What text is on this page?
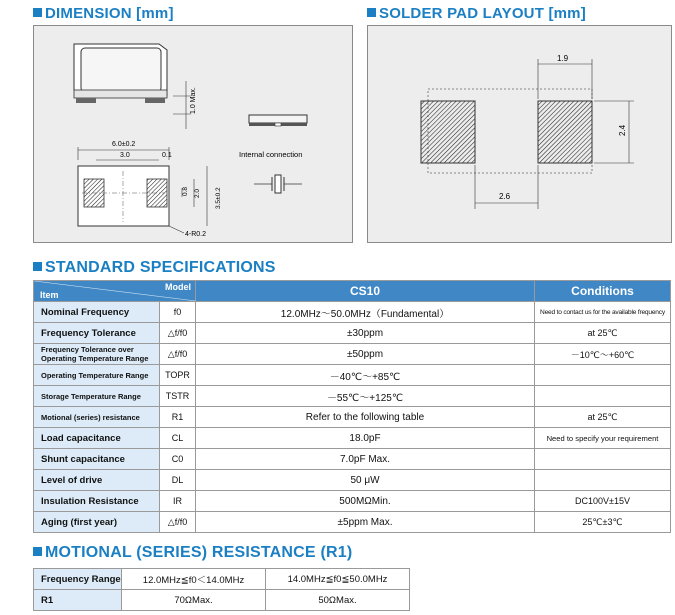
DIMENSION [mm]	SOLDER PAD LAYOUT [mm]
1.0 Max.
6.0±0.2
3.0	0.1
0.8 2.0 3.5±0.2
4-R0.2
Internal connection
1.9
2.4
2.6
STANDARD SPECIFICATIONS
Model
Item		CS10	Conditions
Nominal Frequency	f0	12.0MHz～50.0MHz（Fundamental）	Need to contact us for the available frequency
Frequency Tolerance	△f/f0	±30ppm	at 25℃
Frequency Tolerance over Operating Temperature Range	△f/f0	±50ppm	－10℃～+60℃
Operating Temperature Range	TOPR	－40℃～+85℃	
Storage Temperature Range	TSTR	－55℃～+125℃	
Motional (series) resistance	R1	Refer to the following table	at 25℃
Load capacitance	CL	18.0pF	Need to specify your requirement
Shunt capacitance	C0	7.0pF Max.	
Level of drive	DL	50 μW	
Insulation Resistance	IR	500MΩMin.	DC100V±15V
Aging (first year)	△f/f0	±5ppm Max.	25℃±3℃
MOTIONAL (SERIES) RESISTANCE (R1)
Frequency Range	12.0MHz≦f0＜14.0MHz	14.0MHz≦f0≦50.0MHz
R1	70ΩMax.	50ΩMax.
